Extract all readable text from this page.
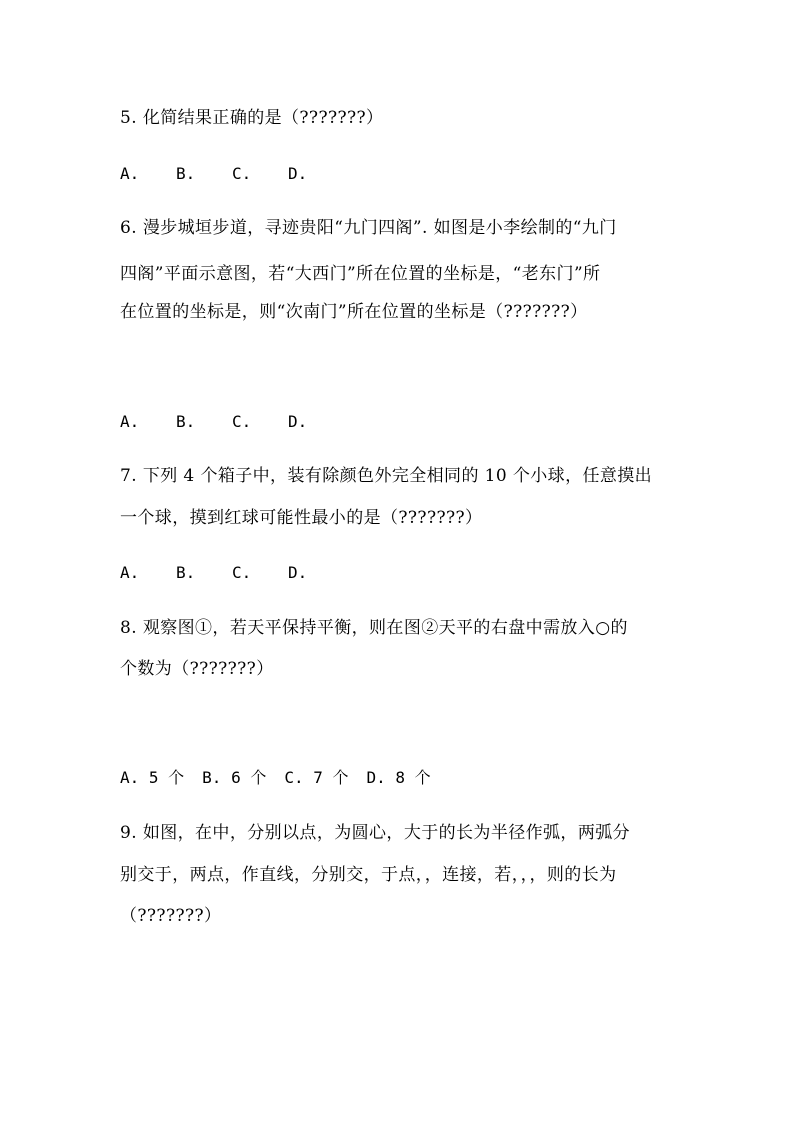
5. 化简结果正确的是（???????）
A. B. C. D.
6. 漫步城垣步道，寻迹贵阳“九门四阁”. 如图是小李绘制的“九门
四阁”平面示意图，若“大西门”所在位置的坐标是，“老东门”所
在位置的坐标是，则“次南门”所在位置的坐标是（???????）
A. B. C. D.
7. 下列 4 个箱子中，装有除颜色外完全相同的 10 个小球，任意摸出
一个球，摸到红球可能性最小的是（???????）
A. B. C. D.
8. 观察图①，若天平保持平衡，则在图②天平的右盘中需放入○的
个数为（???????）
A. 5 个 B. 6 个 C. 7 个 D. 8 个
9. 如图，在中，分别以点，为圆心，大于的长为半径作弧，两弧分
别交于，两点，作直线，分别交，于点，，连接，若，，，则的长为
（???????）
